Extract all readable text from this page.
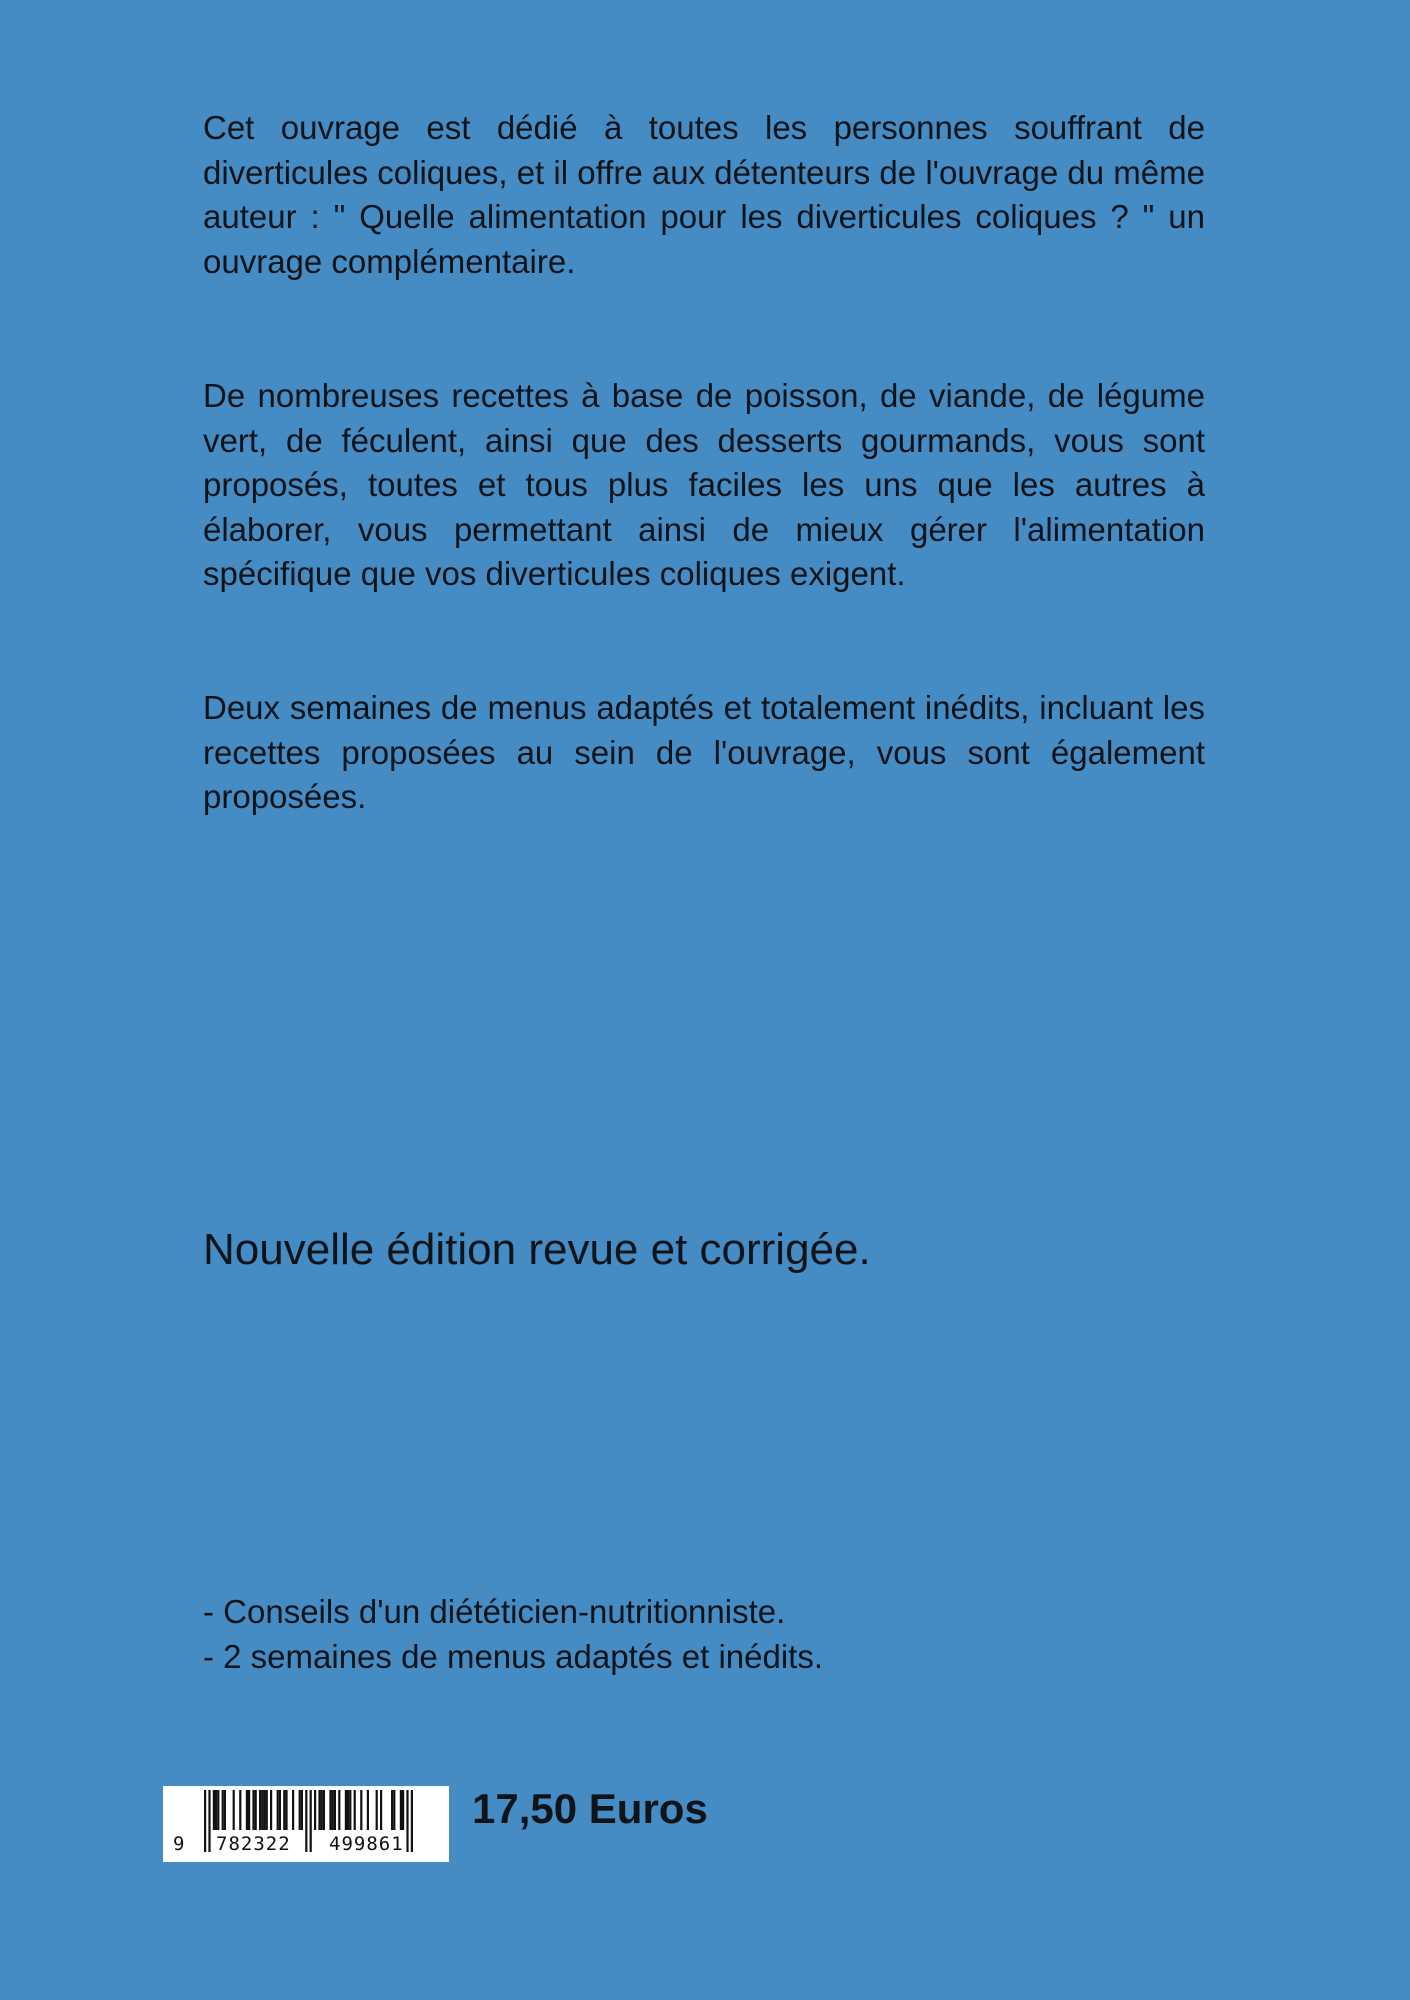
Cet ouvrage est dédié à toutes les personnes souffrant de diverticules coliques, et il offre aux détenteurs de l'ouvrage du même auteur : " Quelle alimentation pour les diverticules coliques ? " un ouvrage complémentaire.

De nombreuses recettes à base de poisson, de viande, de légume vert, de féculent, ainsi que des desserts gourmands, vous sont proposés, toutes et tous plus faciles les uns que les autres à élaborer, vous permettant ainsi de mieux gérer l'alimentation spécifique que vos diverticules coliques exigent.

Deux semaines de menus adaptés et totalement inédits, incluant les recettes proposées au sein de l'ouvrage, vous sont également proposées.

Nouvelle édition revue et corrigée.

- Conseils d'un diététicien-nutritionniste.
- 2 semaines de menus adaptés et inédits.
9 782322 499861

17,50 Euros
